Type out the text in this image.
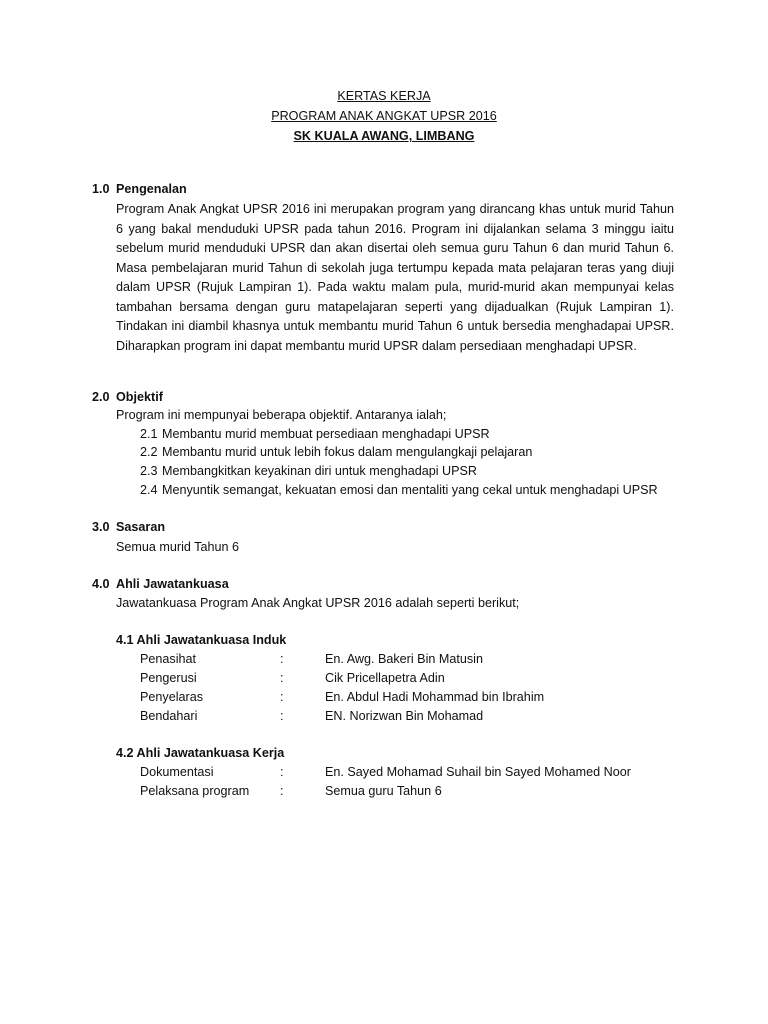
KERTAS KERJA
PROGRAM ANAK ANGKAT UPSR 2016
SK KUALA AWANG, LIMBANG
1.0 Pengenalan
Program Anak Angkat UPSR 2016 ini merupakan program yang dirancang khas untuk murid Tahun 6 yang bakal menduduki UPSR pada tahun 2016. Program ini dijalankan selama 3 minggu iaitu sebelum murid menduduki UPSR dan akan disertai oleh semua guru Tahun 6 dan murid Tahun 6. Masa pembelajaran murid Tahun di sekolah juga tertumpu kepada mata pelajaran teras yang diuji dalam UPSR (Rujuk Lampiran 1). Pada waktu malam pula, murid-murid akan mempunyai kelas tambahan bersama dengan guru matapelajaran seperti yang dijadualkan (Rujuk Lampiran 1). Tindakan ini diambil khasnya untuk membantu murid Tahun 6 untuk bersedia menghadapai UPSR. Diharapkan program ini dapat membantu murid UPSR dalam persediaan menghadapi UPSR.
2.0 Objektif
Program ini mempunyai beberapa objektif. Antaranya ialah;
2.1 Membantu murid membuat persediaan menghadapi UPSR
2.2 Membantu murid untuk lebih fokus dalam mengulangkaji pelajaran
2.3 Membangkitkan keyakinan diri untuk menghadapi UPSR
2.4 Menyuntik semangat, kekuatan emosi dan mentaliti yang cekal untuk menghadapi UPSR
3.0 Sasaran
Semua murid Tahun 6
4.0 Ahli Jawatankuasa
Jawatankuasa Program Anak Angkat UPSR 2016 adalah seperti berikut;
4.1 Ahli Jawatankuasa Induk
Penasihat	:	En. Awg. Bakeri Bin Matusin
Pengerusi	:	Cik Pricellapetra Adin
Penyelaras	:	En. Abdul Hadi Mohammad bin Ibrahim
Bendahari	:	EN. Norizwan Bin Mohamad
4.2 Ahli Jawatankuasa Kerja
Dokumentasi	:	En. Sayed Mohamad Suhail bin Sayed Mohamed Noor
Pelaksana program :	Semua guru Tahun 6
